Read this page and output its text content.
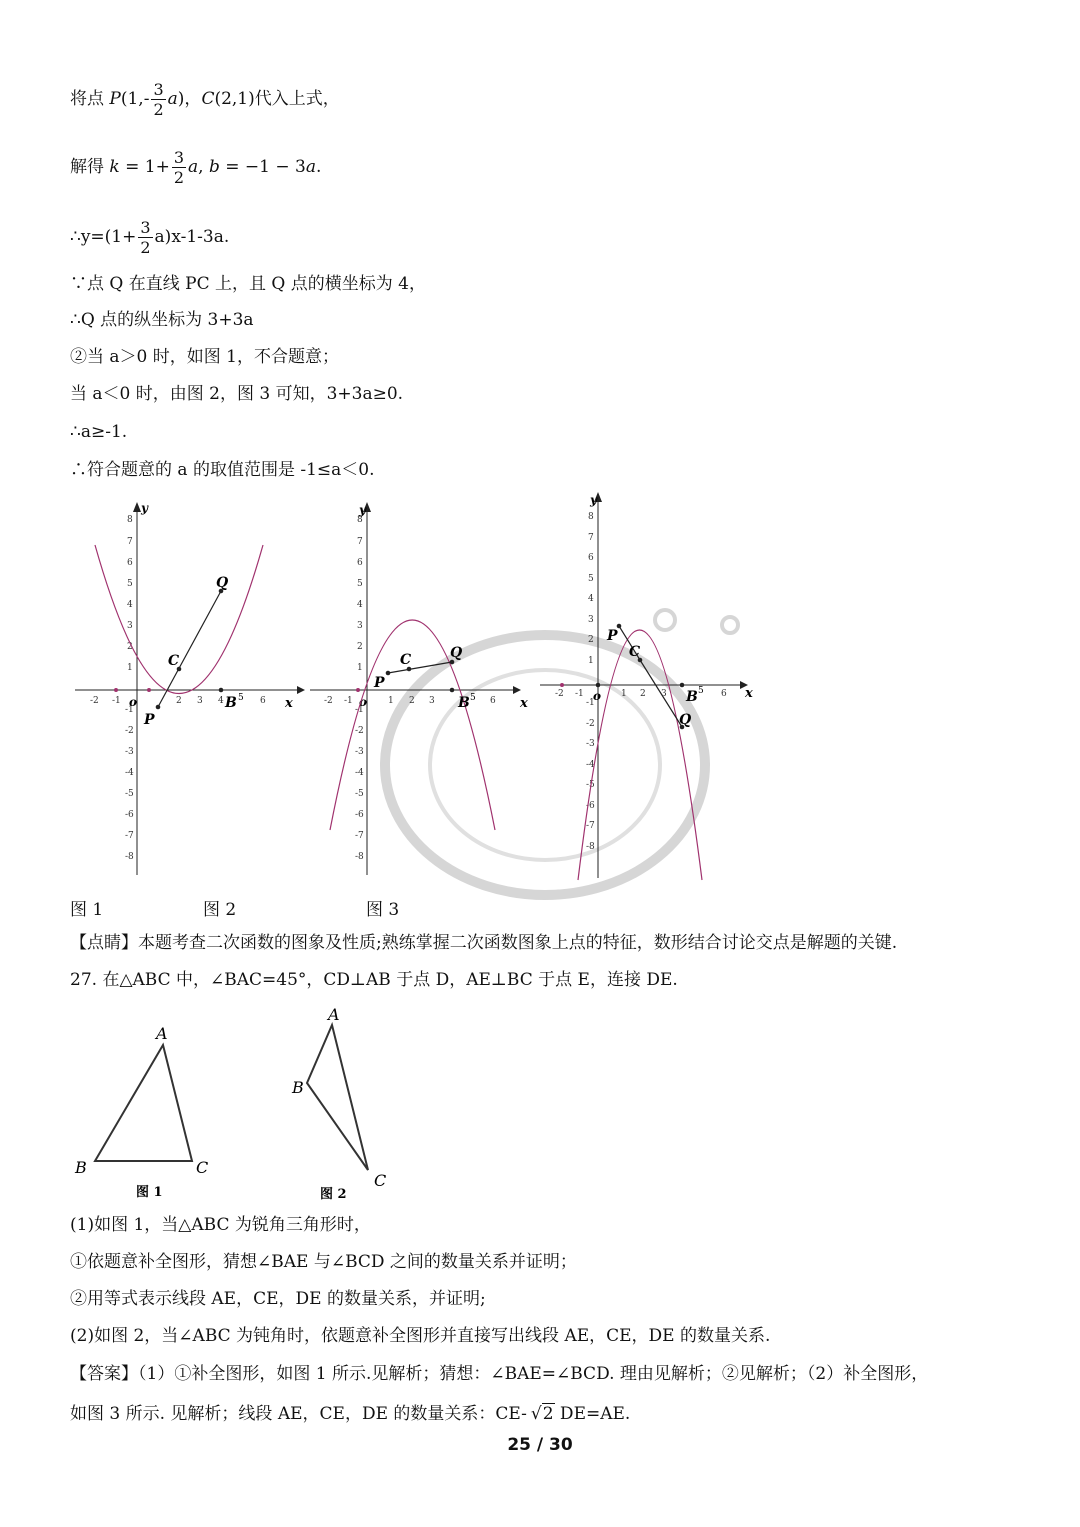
将点 $P(1,- \frac{3}{2} a)$，C(2,1)代入上式，
解得 $k = 1+ \frac{3}{2} a$, b = −1 − 3a.
∴y=(1+ $\frac{3}{2} a)x-1-3a$.
∵点 Q 在直线 PC 上，且 Q 点的横坐标为 4，
∴Q 点的纵坐标为 3+3a
②当 a＞0 时，如图 1，不合题意；
当 a＜0 时，由图 2，图 3 可知，3+3a≥0.
∴a≥-1.
∴符合题意的 a 的取值范围是 -1≤a＜0.
-2 -1	2 3 4	6
8
7
6
5
4
3
2
1
-1
-2
-3
-4
-5
-6
-7
-8
y
x
o
P
C
Q
B 5	-2 -1	1 2 3	6
8
7
6
5
4
3
2
1
-1
-2
-3
-4
-5
-6
-7
-8
y
x
o
P
C	Q
B 5	-2 -1	1 2 3	6
8
7
6
5
4
3
2
1
-1
-2
-3
-4
-5
-6
-7
-8
y
x
o
P
C
Q
B 5
图 1	图 2	图 3
【点睛】本题考查二次函数的图象及性质;熟练掌握二次函数图象上点的特征，数形结合讨论交点是解题的关键.
27. 在△ABC 中，∠BAC=45°，CD⊥AB 于点 D，AE⊥BC 于点 E，连接 DE.
A
B	C
图 1
A
B
C
图 2
(1)如图 1，当△ABC 为锐角三角形时，
①依题意补全图形，猜想∠BAE 与∠BCD 之间的数量关系并证明；
②用等式表示线段 AE，CE，DE 的数量关系，并证明;
(2)如图 2，当∠ABC 为钝角时，依题意补全图形并直接写出线段 AE，CE，DE 的数量关系.
【答案】（1）①补全图形，如图 1 所示.见解析；猜想：∠BAE=∠BCD. 理由见解析；②见解析；（2）补全图形，
如图 3 所示. 见解析；线段 AE，CE，DE 的数量关系：CE- √2 DE=AE.
25 / 30
